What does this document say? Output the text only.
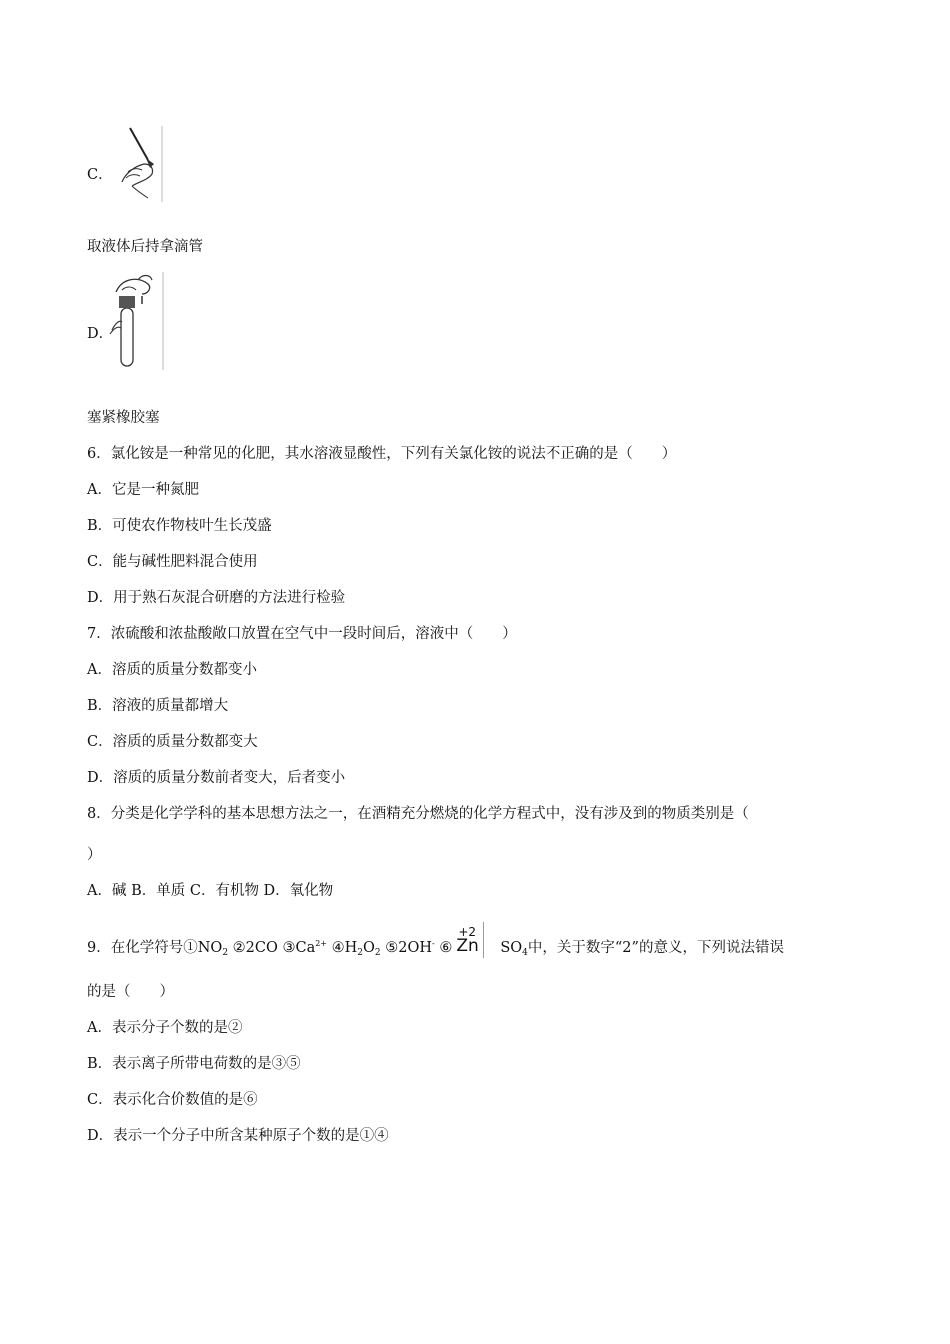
C．
取液体后持拿滴管
D．
塞紧橡胶塞
6．氯化铵是一种常见的化肥，其水溶液显酸性，下列有关氯化铵的说法不正确的是（　　）
A．它是一种氮肥
B．可使农作物枝叶生长茂盛
C．能与碱性肥料混合使用
D．用于熟石灰混合研磨的方法进行检验
7．浓硫酸和浓盐酸敞口放置在空气中一段时间后，溶液中（　　）
A．溶质的质量分数都变小
B．溶液的质量都增大
C．溶质的质量分数都变大
D．溶质的质量分数前者变大，后者变小
8．分类是化学学科的基本思想方法之一，在酒精充分燃烧的化学方程式中，没有涉及到的物质类别是（
）
A．碱 B．单质 C．有机物 D．氧化物
9．在化学符号$①NO_2$ ②2CO $③Ca^{2+}$ $④H_2O_2$ ⑤2OH- ⑥
+2
Zn $SO_4$中，关于数字“2”的意义，下列说法错误
的是（　　）
A．表示分子个数的是②
B．表示离子所带电荷数的是③⑤
C．表示化合价数值的是⑥
D．表示一个分子中所含某种原子个数的是①④
